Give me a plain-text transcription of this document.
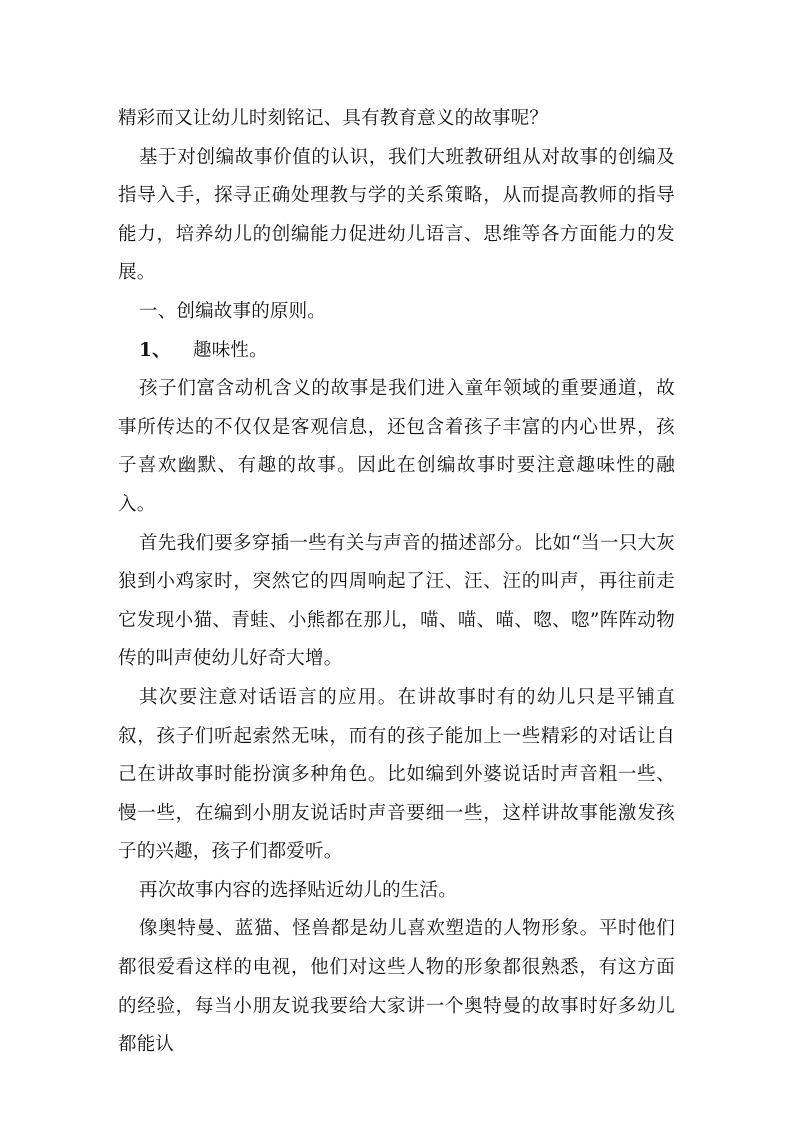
精彩而又让幼儿时刻铭记、具有教育意义的故事呢？

基于对创编故事价值的认识，我们大班教研组从对故事的创编及指导入手，探寻正确处理教与学的关系策略，从而提高教师的指导能力，培养幼儿的创编能力促进幼儿语言、思维等各方面能力的发展。

一、创编故事的原则。

1、 趣味性。

孩子们富含动机含义的故事是我们进入童年领域的重要通道，故事所传达的不仅仅是客观信息，还包含着孩子丰富的内心世界，孩子喜欢幽默、有趣的故事。因此在创编故事时要注意趣味性的融入。

首先我们要多穿插一些有关与声音的描述部分。比如“当一只大灰狼到小鸡家时，突然它的四周响起了汪、汪、汪的叫声，再往前走它发现小猫、青蛙、小熊都在那儿，喵、喵、喵、唿、唿”阵阵动物传的叫声使幼儿好奇大增。

其次要注意对话语言的应用。在讲故事时有的幼儿只是平铺直叙，孩子们听起索然无味，而有的孩子能加上一些精彩的对话让自己在讲故事时能扮演多种角色。比如编到外婆说话时声音粗一些、慢一些，在编到小朋友说话时声音要细一些，这样讲故事能激发孩子的兴趣，孩子们都爱听。

再次故事内容的选择贴近幼儿的生活。

像奥特曼、蓝猫、怪兽都是幼儿喜欢塑造的人物形象。平时他们都很爱看这样的电视，他们对这些人物的形象都很熟悉，有这方面的经验，每当小朋友说我要给大家讲一个奥特曼的故事时好多幼儿都能认
